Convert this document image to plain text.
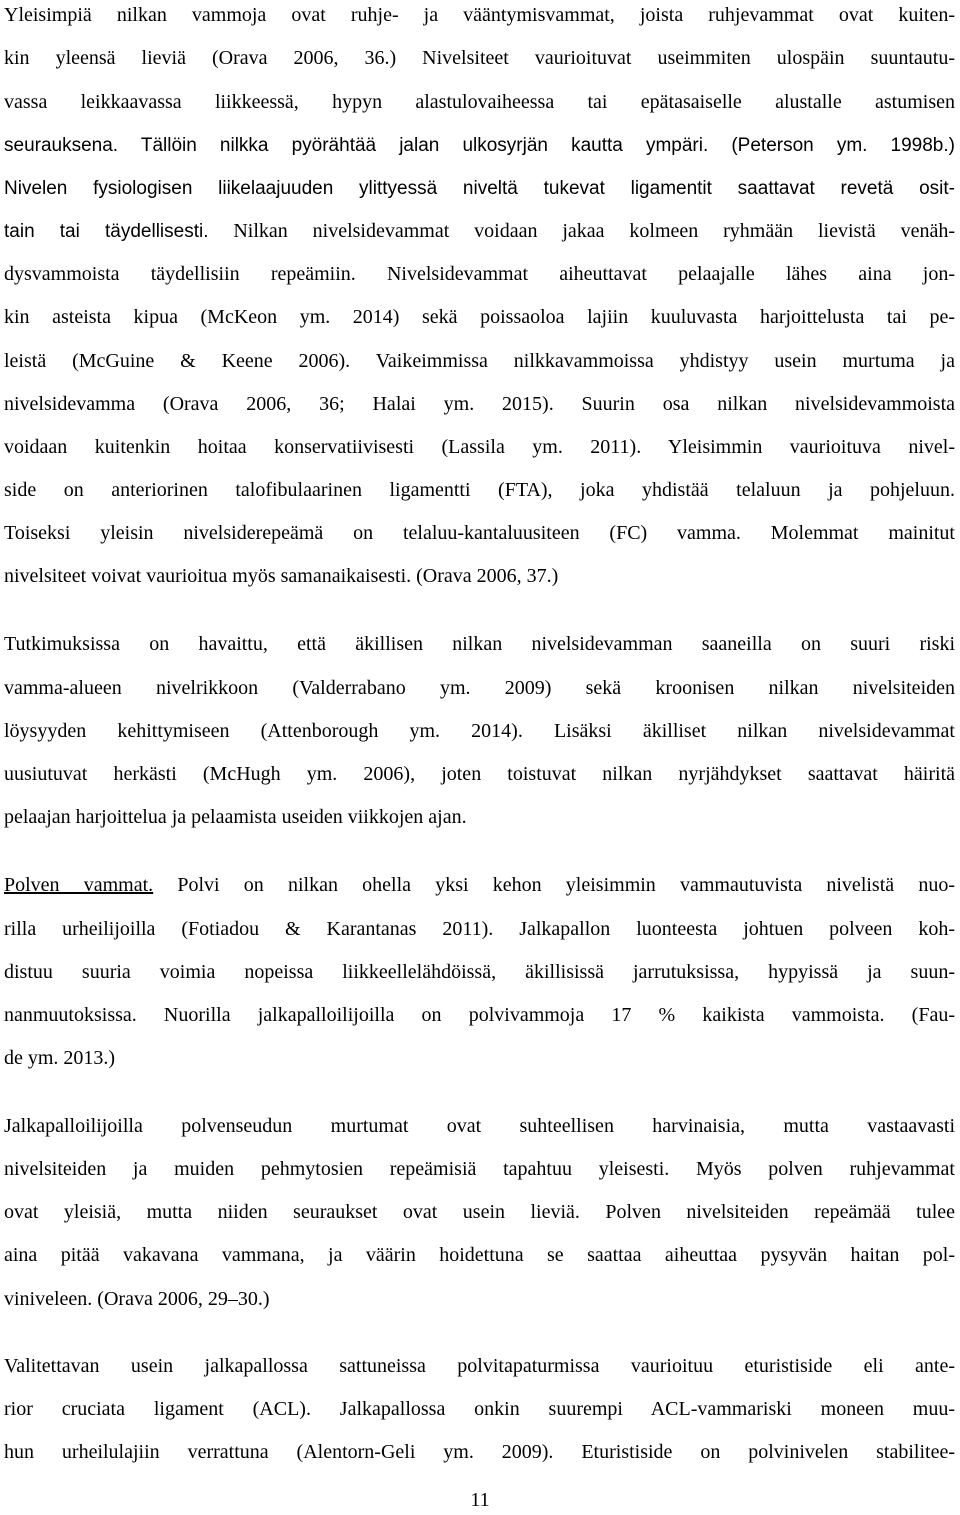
Yleisimpiä nilkan vammoja ovat ruhje- ja vääntymisvammat, joista ruhjevammat ovat kuiten-
kin yleensä lieviä (Orava 2006, 36.) Nivelsiteet vaurioituvat useimmiten ulospäin suuntautu-
vassa leikkaavassa liikkeessä, hypyn alastulovaiheessa tai epätasaiselle alustalle astumisen
seurauksena. Tällöin nilkka pyörähtää jalan ulkosyrjän kautta ympäri. (Peterson ym. 1998b.)
Nivelen fysiologisen liikelaajuuden ylittyessä niveltä tukevat ligamentit saattavat revetä osit-
tain tai täydellisesti. Nilkan nivelsidevammat voidaan jakaa kolmeen ryhmään lievistä venäh-
dysvammoista täydellisiin repeämiin. Nivelsidevammat aiheuttavat pelaajalle lähes aina jon-
kin asteista kipua (McKeon ym. 2014) sekä poissaoloa lajiin kuuluvasta harjoittelusta tai pe-
leistä (McGuine & Keene 2006). Vaikeimmissa nilkkavammoissa yhdistyy usein murtuma ja
nivelsidevamma (Orava 2006, 36; Halai ym. 2015). Suurin osa nilkan nivelsidevammoista
voidaan kuitenkin hoitaa konservatiivisesti (Lassila ym. 2011). Yleisimmin vaurioituva nivel-
side on anteriorinen talofibulaarinen ligamentti (FTA), joka yhdistää telaluun ja pohjeluun.
Toiseksi yleisin nivelsiderepeämä on telaluu-kantaluusiteen (FC) vamma. Molemmat mainitut
nivelsiteet voivat vaurioitua myös samanaikaisesti. (Orava 2006, 37.)
Tutkimuksissa on havaittu, että äkillisen nilkan nivelsidevamman saaneilla on suuri riski
vamma-alueen nivelrikkoon (Valderrabano ym. 2009) sekä kroonisen nilkan nivelsiteiden
löysyyden kehittymiseen (Attenborough ym. 2014). Lisäksi äkilliset nilkan nivelsidevammat
uusiutuvat herkästi (McHugh ym. 2006), joten toistuvat nilkan nyrjähdykset saattavat häiritä
pelaajan harjoittelua ja pelaamista useiden viikkojen ajan.
Polven vammat. Polvi on nilkan ohella yksi kehon yleisimmin vammautuvista nivelistä nuo-
rilla urheilijoilla (Fotiadou & Karantanas 2011). Jalkapallon luonteesta johtuen polveen koh-
distuu suuria voimia nopeissa liikkeellelähdöissä, äkillisissä jarrutuksissa, hypyissä ja suun-
nanmuutoksissa. Nuorilla jalkapalloilijoilla on polvivammoja 17 % kaikista vammoista. (Fau-
de ym. 2013.)
Jalkapalloilijoilla polvenseudun murtumat ovat suhteellisen harvinaisia, mutta vastaavasti
nivelsiteiden ja muiden pehmytosien repeämisiä tapahtuu yleisesti. Myös polven ruhjevammat
ovat yleisiä, mutta niiden seuraukset ovat usein lieviä. Polven nivelsiteiden repeämää tulee
aina pitää vakavana vammana, ja väärin hoidettuna se saattaa aiheuttaa pysyvän haitan pol-
viniveleen. (Orava 2006, 29–30.)
Valitettavan usein jalkapallossa sattuneissa polvitapaturmissa vaurioituu eturistiside eli ante-
rior cruciata ligament (ACL). Jalkapallossa onkin suurempi ACL-vammariski moneen muu-
hun urheilulajiin verrattuna (Alentorn-Geli ym. 2009). Eturistiside on polvinivelen stabilitee-
11
